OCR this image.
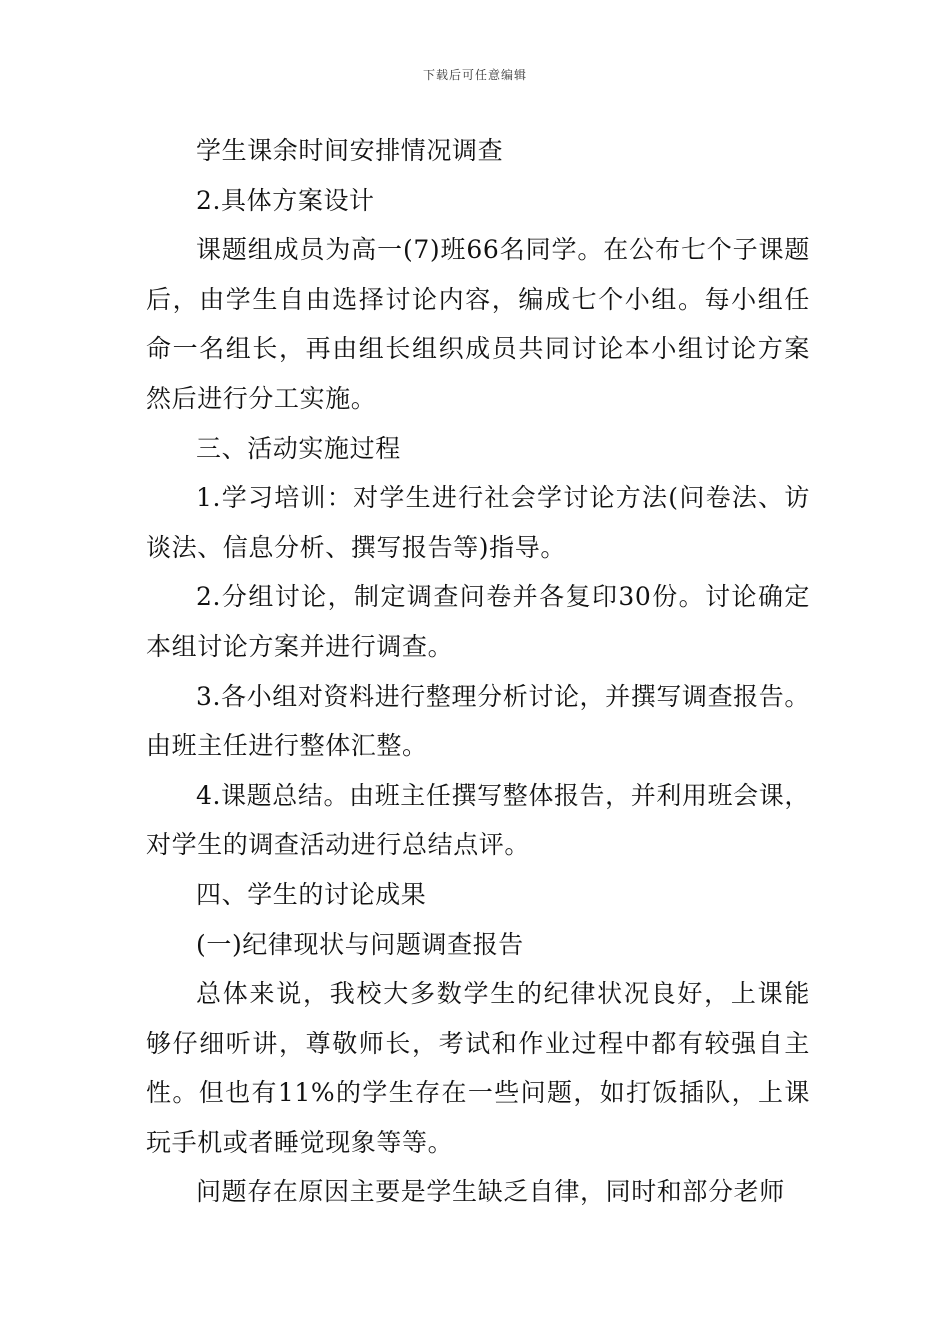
下载后可任意编辑

学生课余时间安排情况调查

2.具体方案设计

课题组成员为高一(7)班66名同学。在公布七个子课题后，由学生自由选择讨论内容，编成七个小组。每小组任命一名组长，再由组长组织成员共同讨论本小组讨论方案然后进行分工实施。

三、活动实施过程

1.学习培训：对学生进行社会学讨论方法(问卷法、访谈法、信息分析、撰写报告等)指导。

2.分组讨论，制定调查问卷并各复印30份。讨论确定本组讨论方案并进行调查。

3.各小组对资料进行整理分析讨论，并撰写调查报告。由班主任进行整体汇整。

4.课题总结。由班主任撰写整体报告，并利用班会课，对学生的调查活动进行总结点评。

四、学生的讨论成果

(一)纪律现状与问题调查报告

总体来说，我校大多数学生的纪律状况良好，上课能够仔细听讲，尊敬师长，考试和作业过程中都有较强自主性。但也有11%的学生存在一些问题，如打饭插队，上课玩手机或者睡觉现象等等。

问题存在原因主要是学生缺乏自律，同时和部分老师
